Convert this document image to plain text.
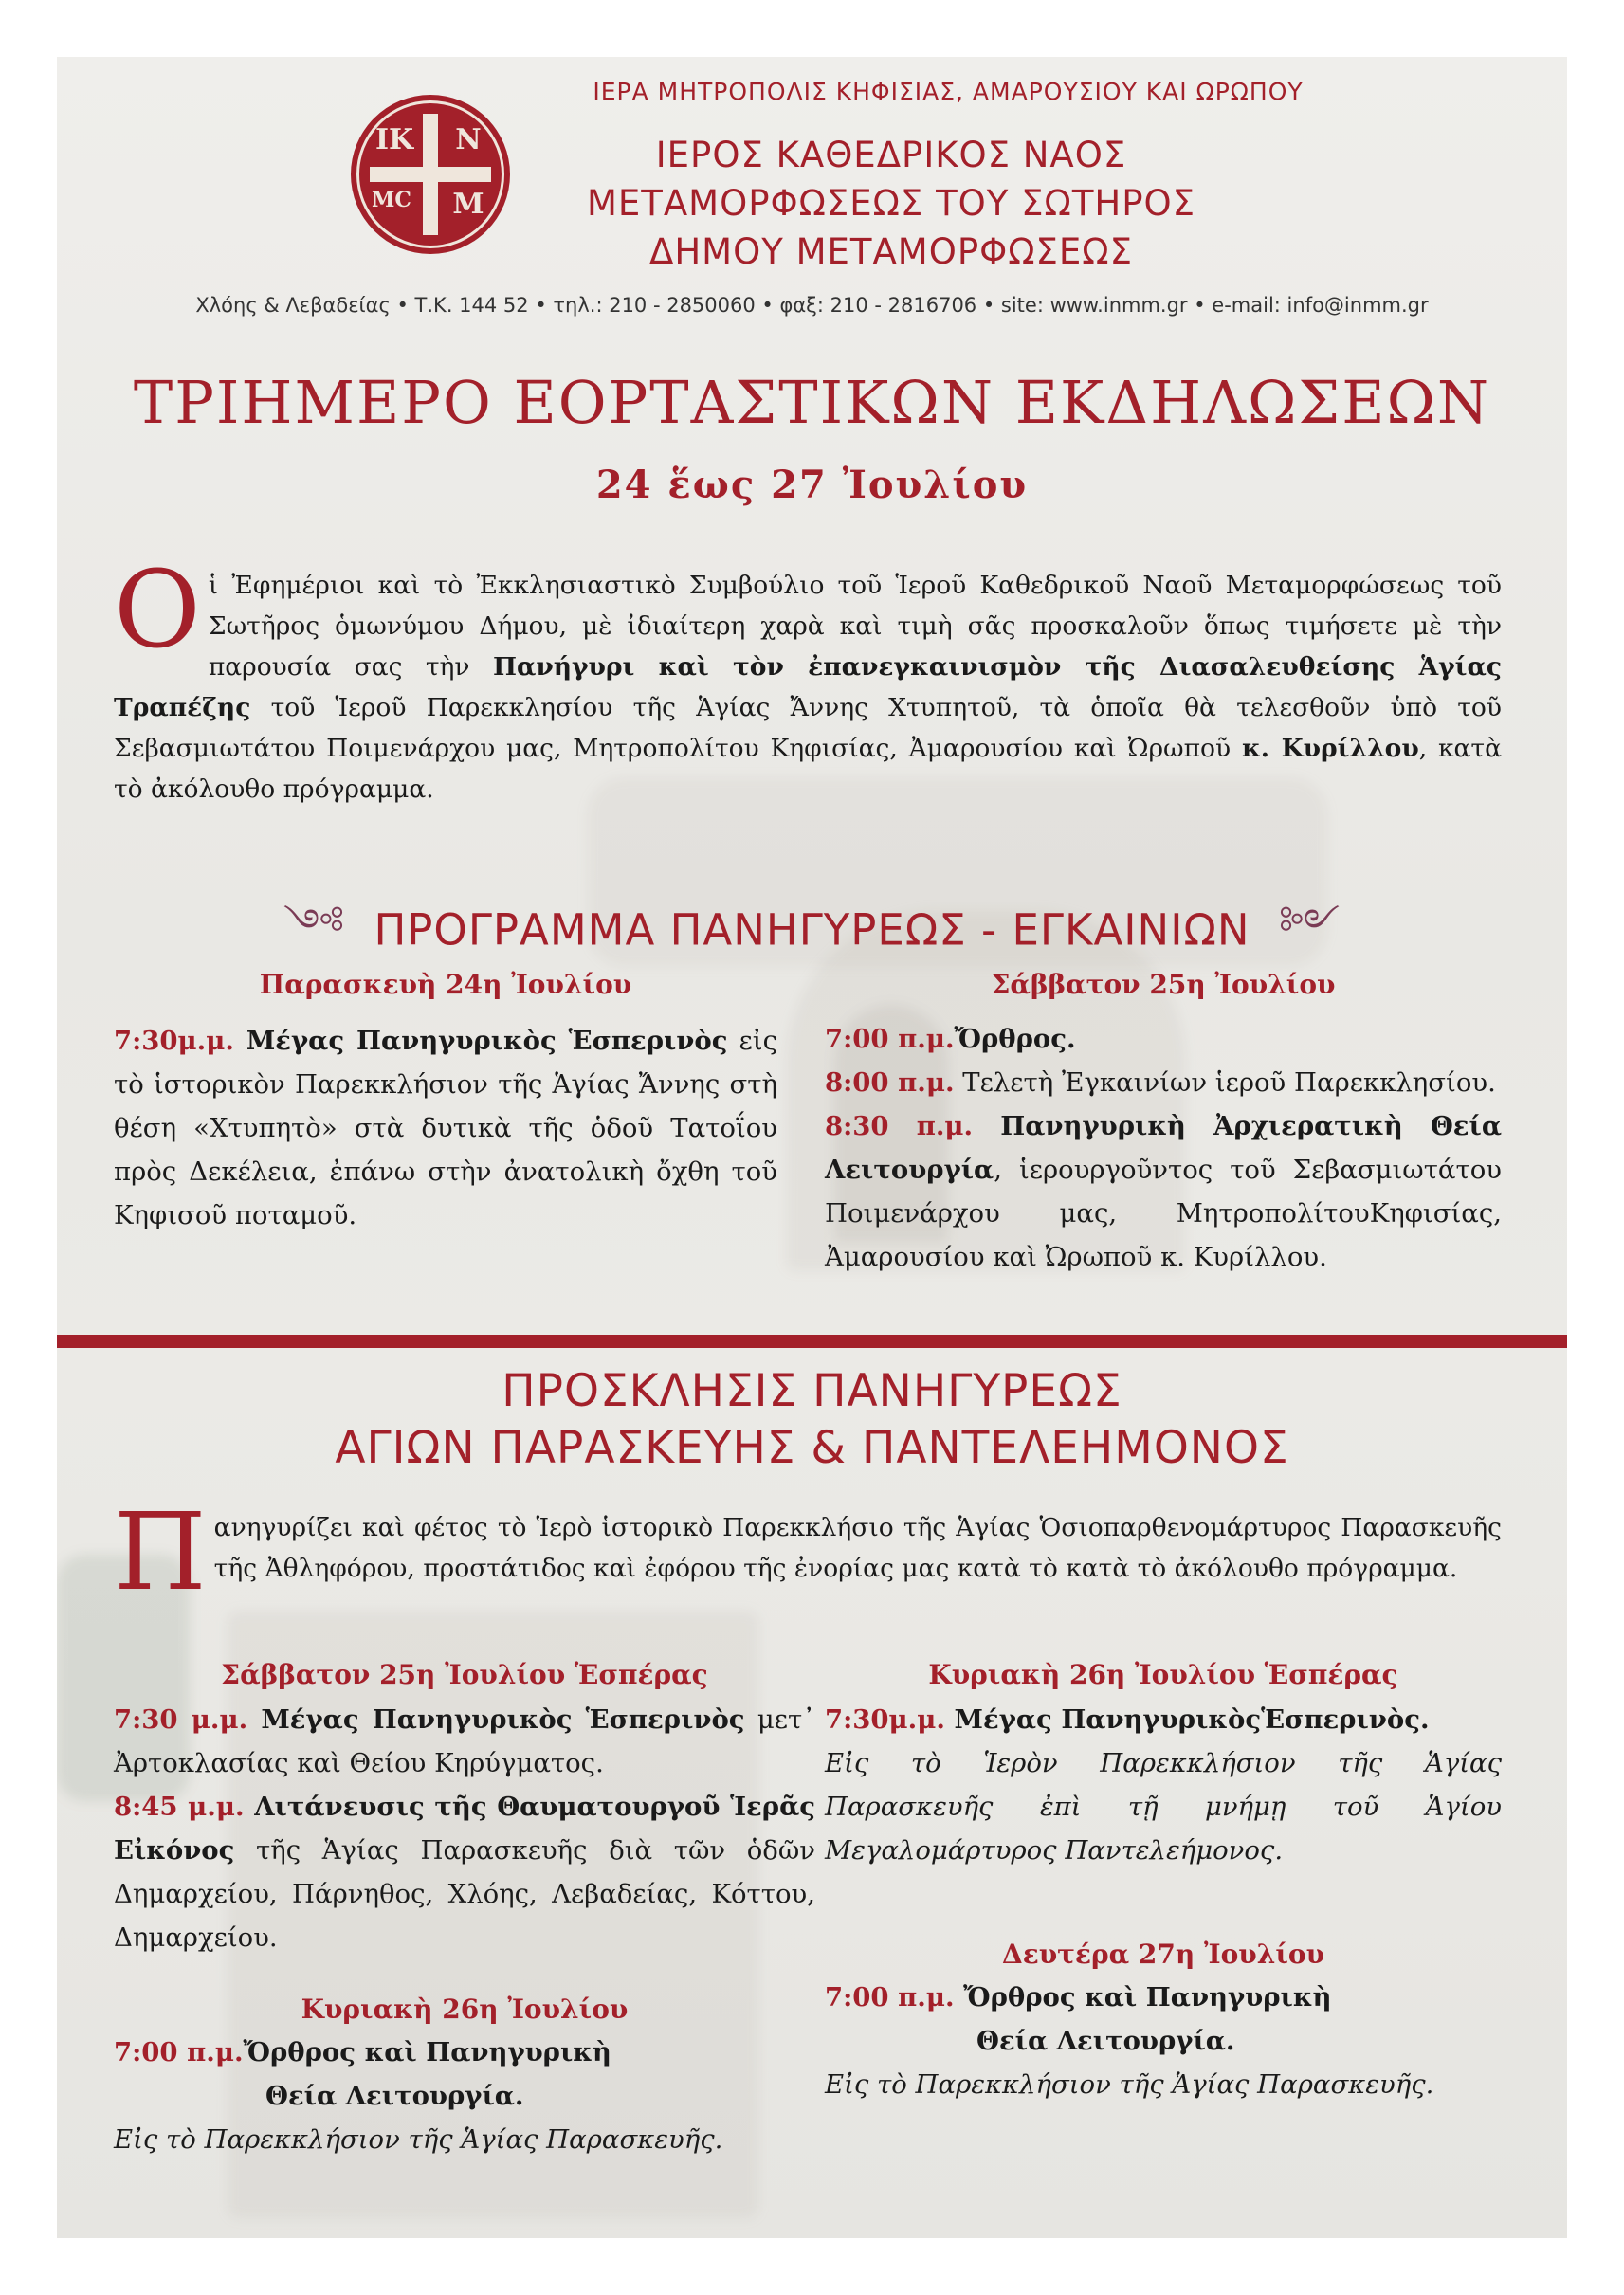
ΙΚ Ν
ΜC Μ
ΙΕΡΑ ΜΗΤΡΟΠΟΛΙΣ ΚΗΦΙΣΙΑΣ, ΑΜΑΡΟΥΣΙΟΥ ΚΑΙ ΩΡΩΠΟΥ
ΙΕΡΟΣ ΚΑΘΕΔΡΙΚΟΣ ΝΑΟΣ
ΜΕΤΑΜΟΡΦΩΣΕΩΣ ΤΟΥ ΣΩΤΗΡΟΣ
ΔΗΜΟΥ ΜΕΤΑΜΟΡΦΩΣΕΩΣ
Χλόης & Λεβαδείας • Τ.Κ. 144 52 • τηλ.: 210 - 2850060 • φαξ: 210 - 2816706 • site: www.inmm.gr • e-mail: info@inmm.gr
ΤΡΙΗΜΕΡΟ ΕΟΡΤΑΣΤΙΚΩΝ ΕΚΔΗΛΩΣΕΩΝ
24 ἕως 27 Ἰουλίου
Οἱ Ἐφημέριοι καὶ τὸ Ἐκκλησιαστικὸ Συμβούλιο τοῦ Ἱεροῦ Καθεδρικοῦ Ναοῦ Μεταμορφώσεως τοῦ Σωτῆρος ὁμωνύμου Δήμου, μὲ ἰδιαίτερη χαρὰ καὶ τιμὴ σᾶς προσκαλοῦν ὅπως τιμήσετε μὲ τὴν παρουσία σας τὴν Πανήγυρι καὶ τὸν ἐπανεγκαινισμὸν τῆς Διασαλευθείσης Ἁγίας Τραπέζης τοῦ Ἱεροῦ Παρεκκλησίου τῆς Ἁγίας Ἄννης Χτυπητοῦ, τὰ ὁποῖα θὰ τελεσθοῦν ὑπὸ τοῦ Σεβασμιωτάτου Ποιμενάρχου μας, Μητροπολίτου Κηφισίας, Ἀμαρουσίου καὶ Ὠρωποῦ κ. Κυρίλλου, κατὰ τὸ ἀκόλουθο πρόγραμμα.
༺ ΠΡΟΓΡΑΜΜΑ ΠΑΝΗΓΥΡΕΩΣ - ΕΓΚΑΙΝΙΩΝ ༻
Παρασκευὴ 24η Ἰουλίου
7:30μ.μ. Μέγας Πανηγυρικὸς Ἑσπερινὸς εἰς τὸ ἱστορικὸν Παρεκκλήσιον τῆς Ἁγίας Ἄννης στὴ θέση «Χτυπητὸ» στὰ δυτικὰ τῆς ὁδοῦ Τατοΐου πρὸς Δεκέλεια, ἐπάνω στὴν ἀνατολικὴ ὄχθη τοῦ Κηφισοῦ ποταμοῦ.
Σάββατον 25η Ἰουλίου
7:00 π.μ.Ὄρθρος.
8:00 π.μ. Τελετὴ Ἐγκαινίων ἱεροῦ Παρεκκλησίου.
8:30 π.μ. Πανηγυρικὴ Ἀρχιερατικὴ Θεία Λειτουργία, ἱερουργοῦντος τοῦ Σεβασμιωτάτου Ποιμενάρχου μας, ΜητροπολίτουΚηφισίας, Ἀμαρουσίου καὶ Ὠρωποῦ κ. Κυρίλλου.
ΠΡΟΣΚΛΗΣΙΣ ΠΑΝΗΓΥΡΕΩΣ
ΑΓΙΩΝ ΠΑΡΑΣΚΕΥΗΣ & ΠΑΝΤΕΛΕΗΜΟΝΟΣ
Πανηγυρίζει καὶ φέτος τὸ Ἱερὸ ἱστορικὸ Παρεκκλήσιο τῆς Ἁγίας Ὁσιοπαρθενομάρτυρος Παρασκευῆς τῆς Ἀθληφόρου, προστάτιδος καὶ ἐφόρου τῆς ἐνορίας μας κατὰ τὸ κατὰ τὸ ἀκόλουθο πρόγραμμα.
Σάββατον 25η Ἰουλίου Ἑσπέρας
7:30 μ.μ. Μέγας Πανηγυρικὸς Ἑσπερινὸς μετ᾽ Ἀρτοκλασίας καὶ Θείου Κηρύγματος.
8:45 μ.μ. Λιτάνευσις τῆς Θαυματουργοῦ Ἱερᾶς Εἰκόνος τῆς Ἁγίας Παρασκευῆς διὰ τῶν ὁδῶν Δημαρχείου, Πάρνηθος, Χλόης, Λεβαδείας, Κόττου, Δημαρχείου.
Κυριακὴ 26η Ἰουλίου
7:00 π.μ.Ὄρθρος καὶ Πανηγυρικὴ
Θεία Λειτουργία.
Εἰς τὸ Παρεκκλήσιον τῆς Ἁγίας Παρασκευῆς.
Κυριακὴ 26η Ἰουλίου Ἑσπέρας
7:30μ.μ. Μέγας ΠανηγυρικὸςἙσπερινὸς.
Εἰς τὸ Ἱερὸν Παρεκκλήσιον τῆς Ἁγίας Παρασκευῆς ἐπὶ τῇ μνήμῃ τοῦ Ἁγίου Μεγαλομάρτυρος Παντελεήμονος.
Δευτέρα 27η Ἰουλίου
7:00 π.μ. Ὄρθρος καὶ Πανηγυρικὴ
Θεία Λειτουργία.
Εἰς τὸ Παρεκκλήσιον τῆς Ἁγίας Παρασκευῆς.
